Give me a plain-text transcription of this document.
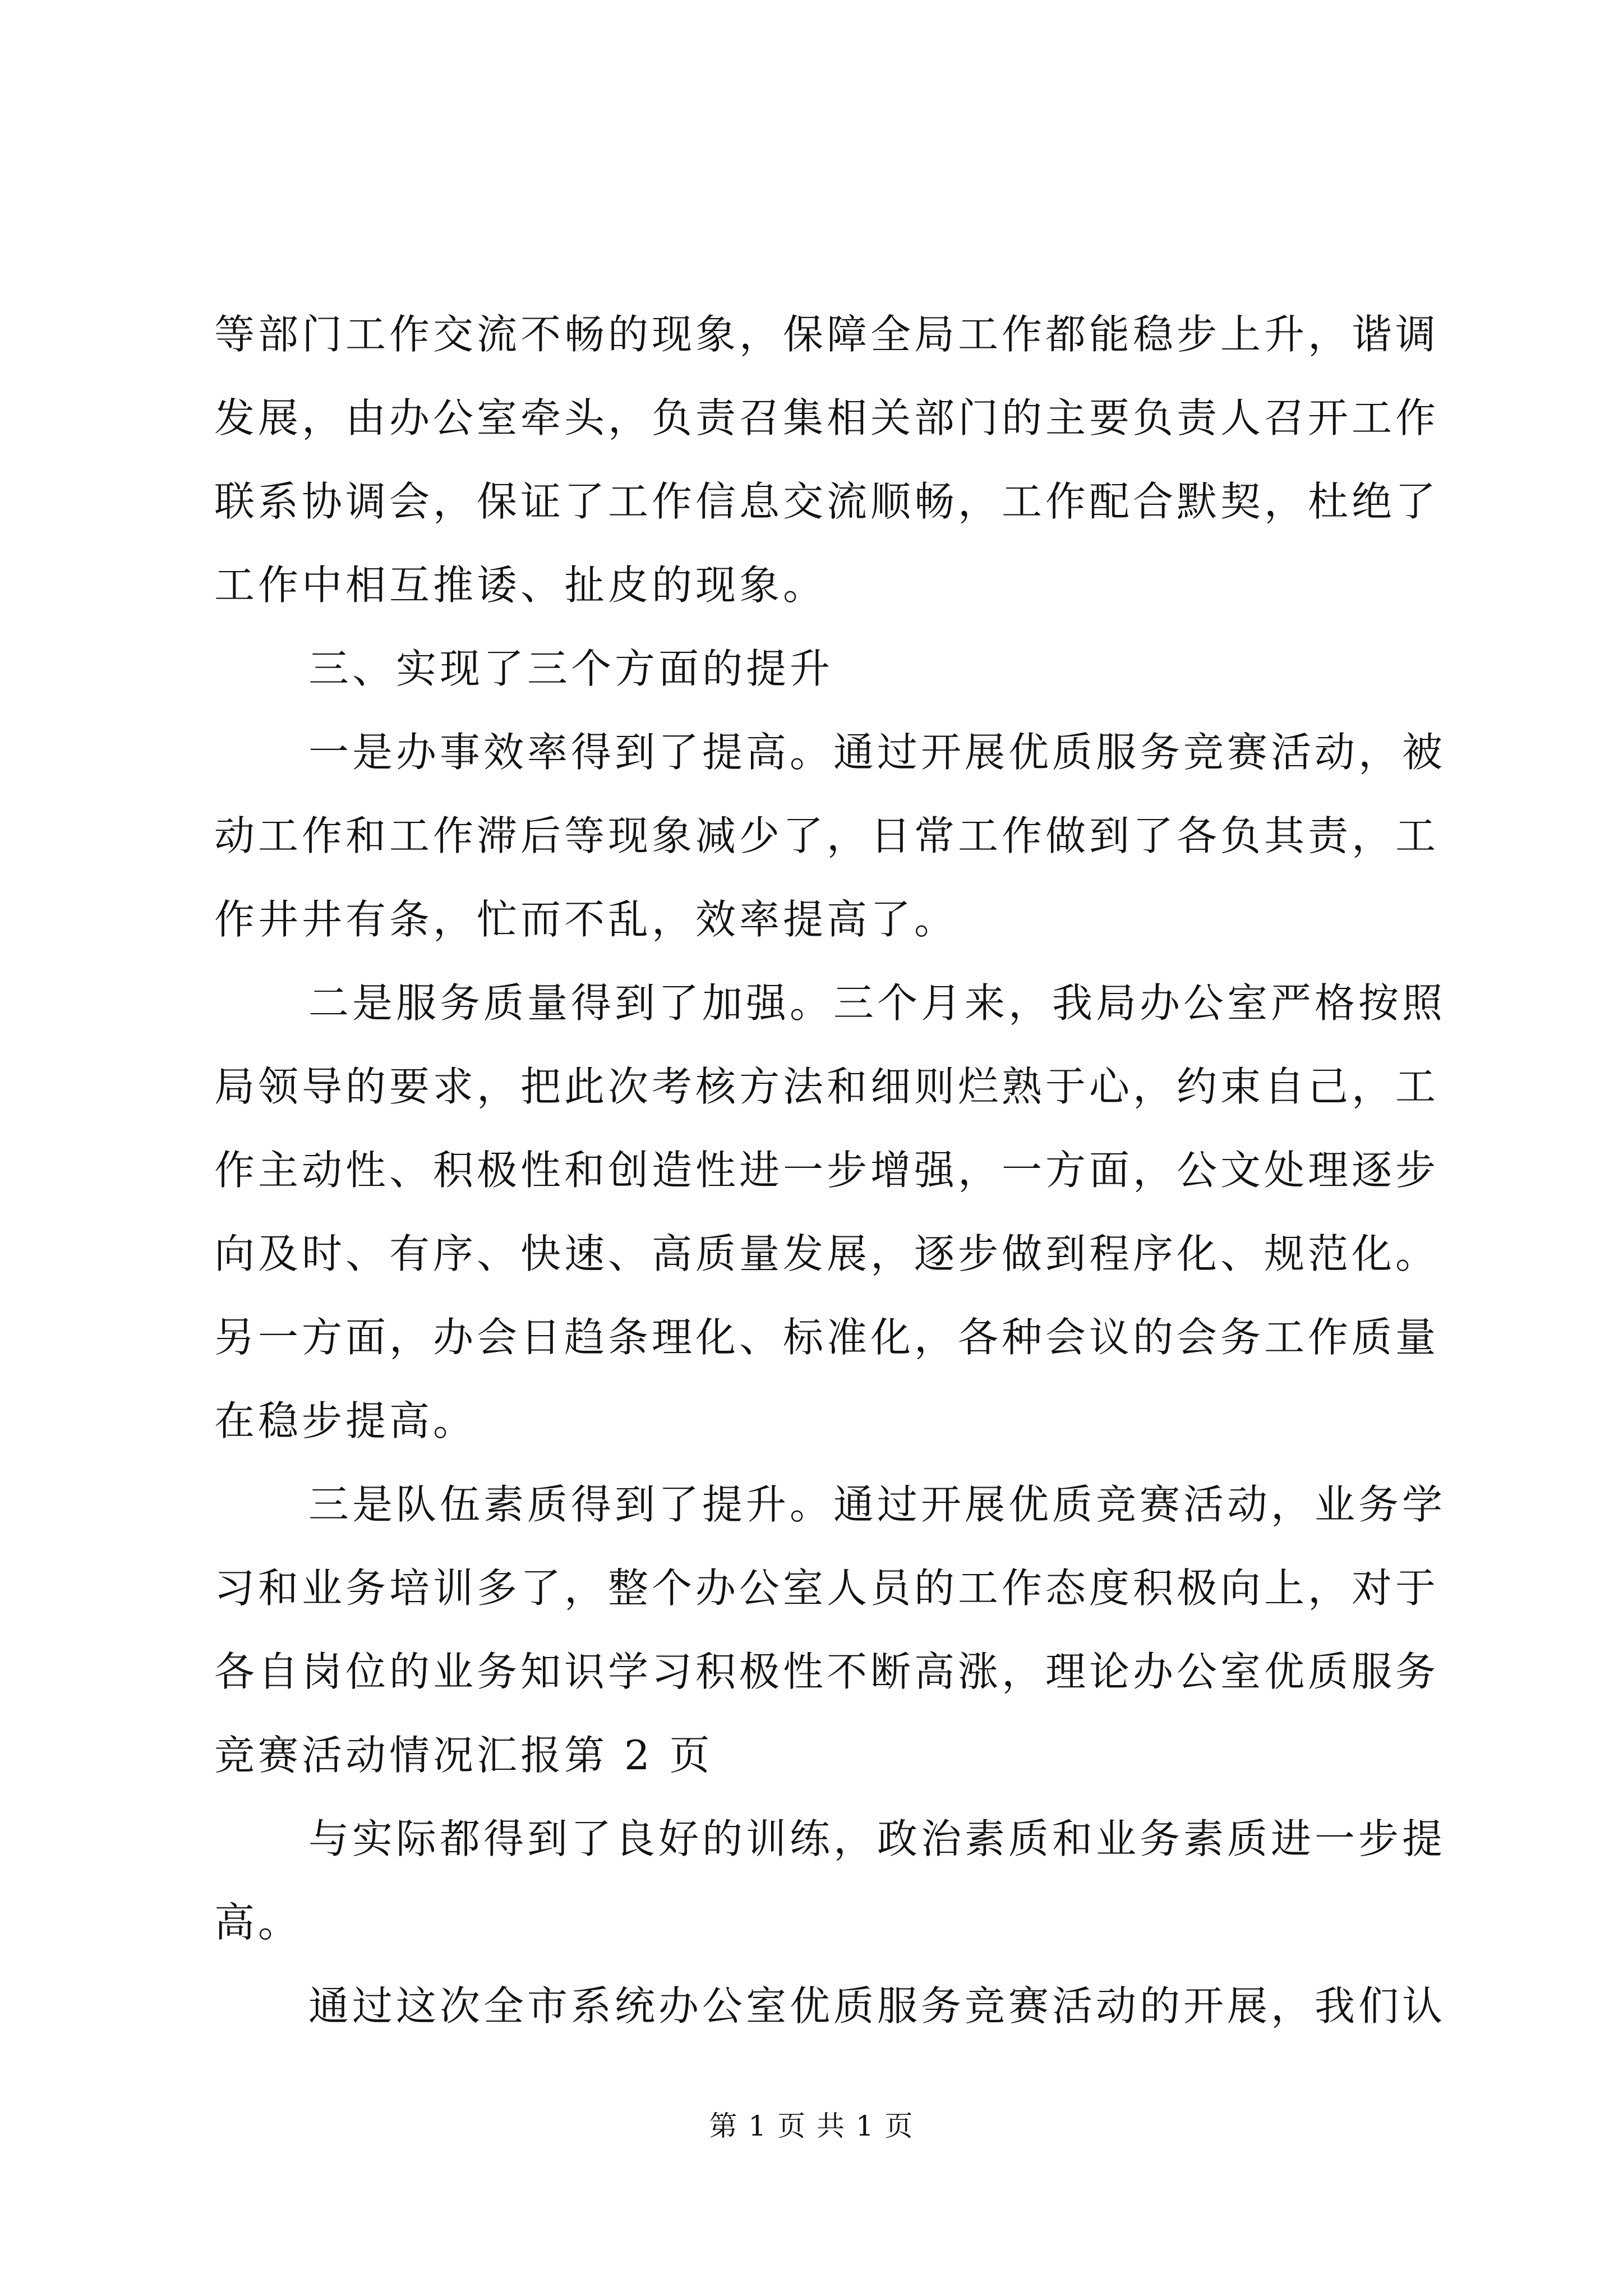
等部门工作交流不畅的现象，保障全局工作都能稳步上升，谐调
发展，由办公室牵头，负责召集相关部门的主要负责人召开工作
联系协调会，保证了工作信息交流顺畅，工作配合默契，杜绝了
工作中相互推诿、扯皮的现象。
三、实现了三个方面的提升
一是办事效率得到了提高。通过开展优质服务竞赛活动，被
动工作和工作滞后等现象减少了，日常工作做到了各负其责，工
作井井有条，忙而不乱，效率提高了。
二是服务质量得到了加强。三个月来，我局办公室严格按照
局领导的要求，把此次考核方法和细则烂熟于心，约束自己，工
作主动性、积极性和创造性进一步增强，一方面，公文处理逐步
向及时、有序、快速、高质量发展，逐步做到程序化、规范化。
另一方面，办会日趋条理化、标准化，各种会议的会务工作质量
在稳步提高。
三是队伍素质得到了提升。通过开展优质竞赛活动，业务学
习和业务培训多了，整个办公室人员的工作态度积极向上，对于
各自岗位的业务知识学习积极性不断高涨，理论办公室优质服务
竞赛活动情况汇报第 2 页
与实际都得到了良好的训练，政治素质和业务素质进一步提
高。
通过这次全市系统办公室优质服务竞赛活动的开展，我们认
第 1 页 共 1 页
